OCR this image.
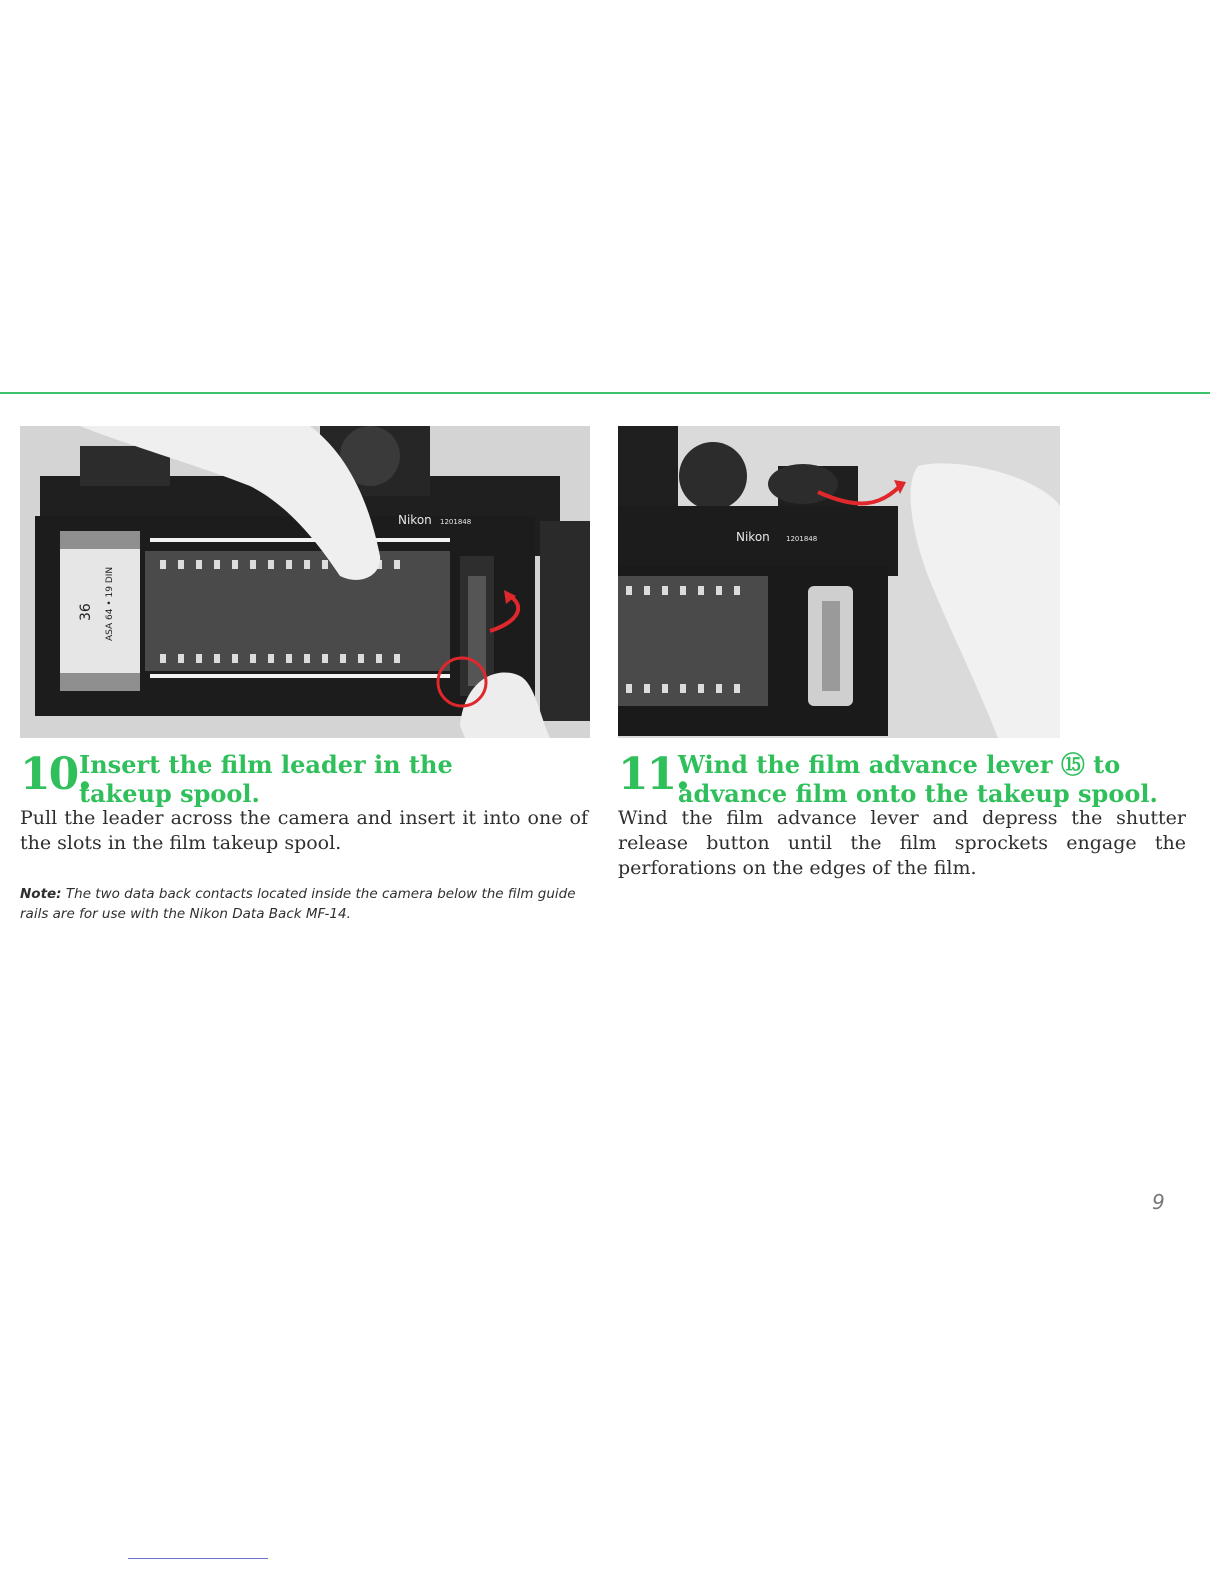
36 ASA 64 • 19 DIN
Nikon 1201848
Nikon 1201848
10.
Insert the film leader in the takeup spool.

Pull the leader across the camera and insert it into one of the slots in the film takeup spool.

Note: The two data back contacts located inside the camera below the film guide rails are for use with the Nikon Data Back MF-14.

11.
Wind the film advance lever ⑮ to advance film onto the takeup spool.

Wind the film advance lever and depress the shutter release button until the film sprockets engage the perforations on the edges of the film.

9
